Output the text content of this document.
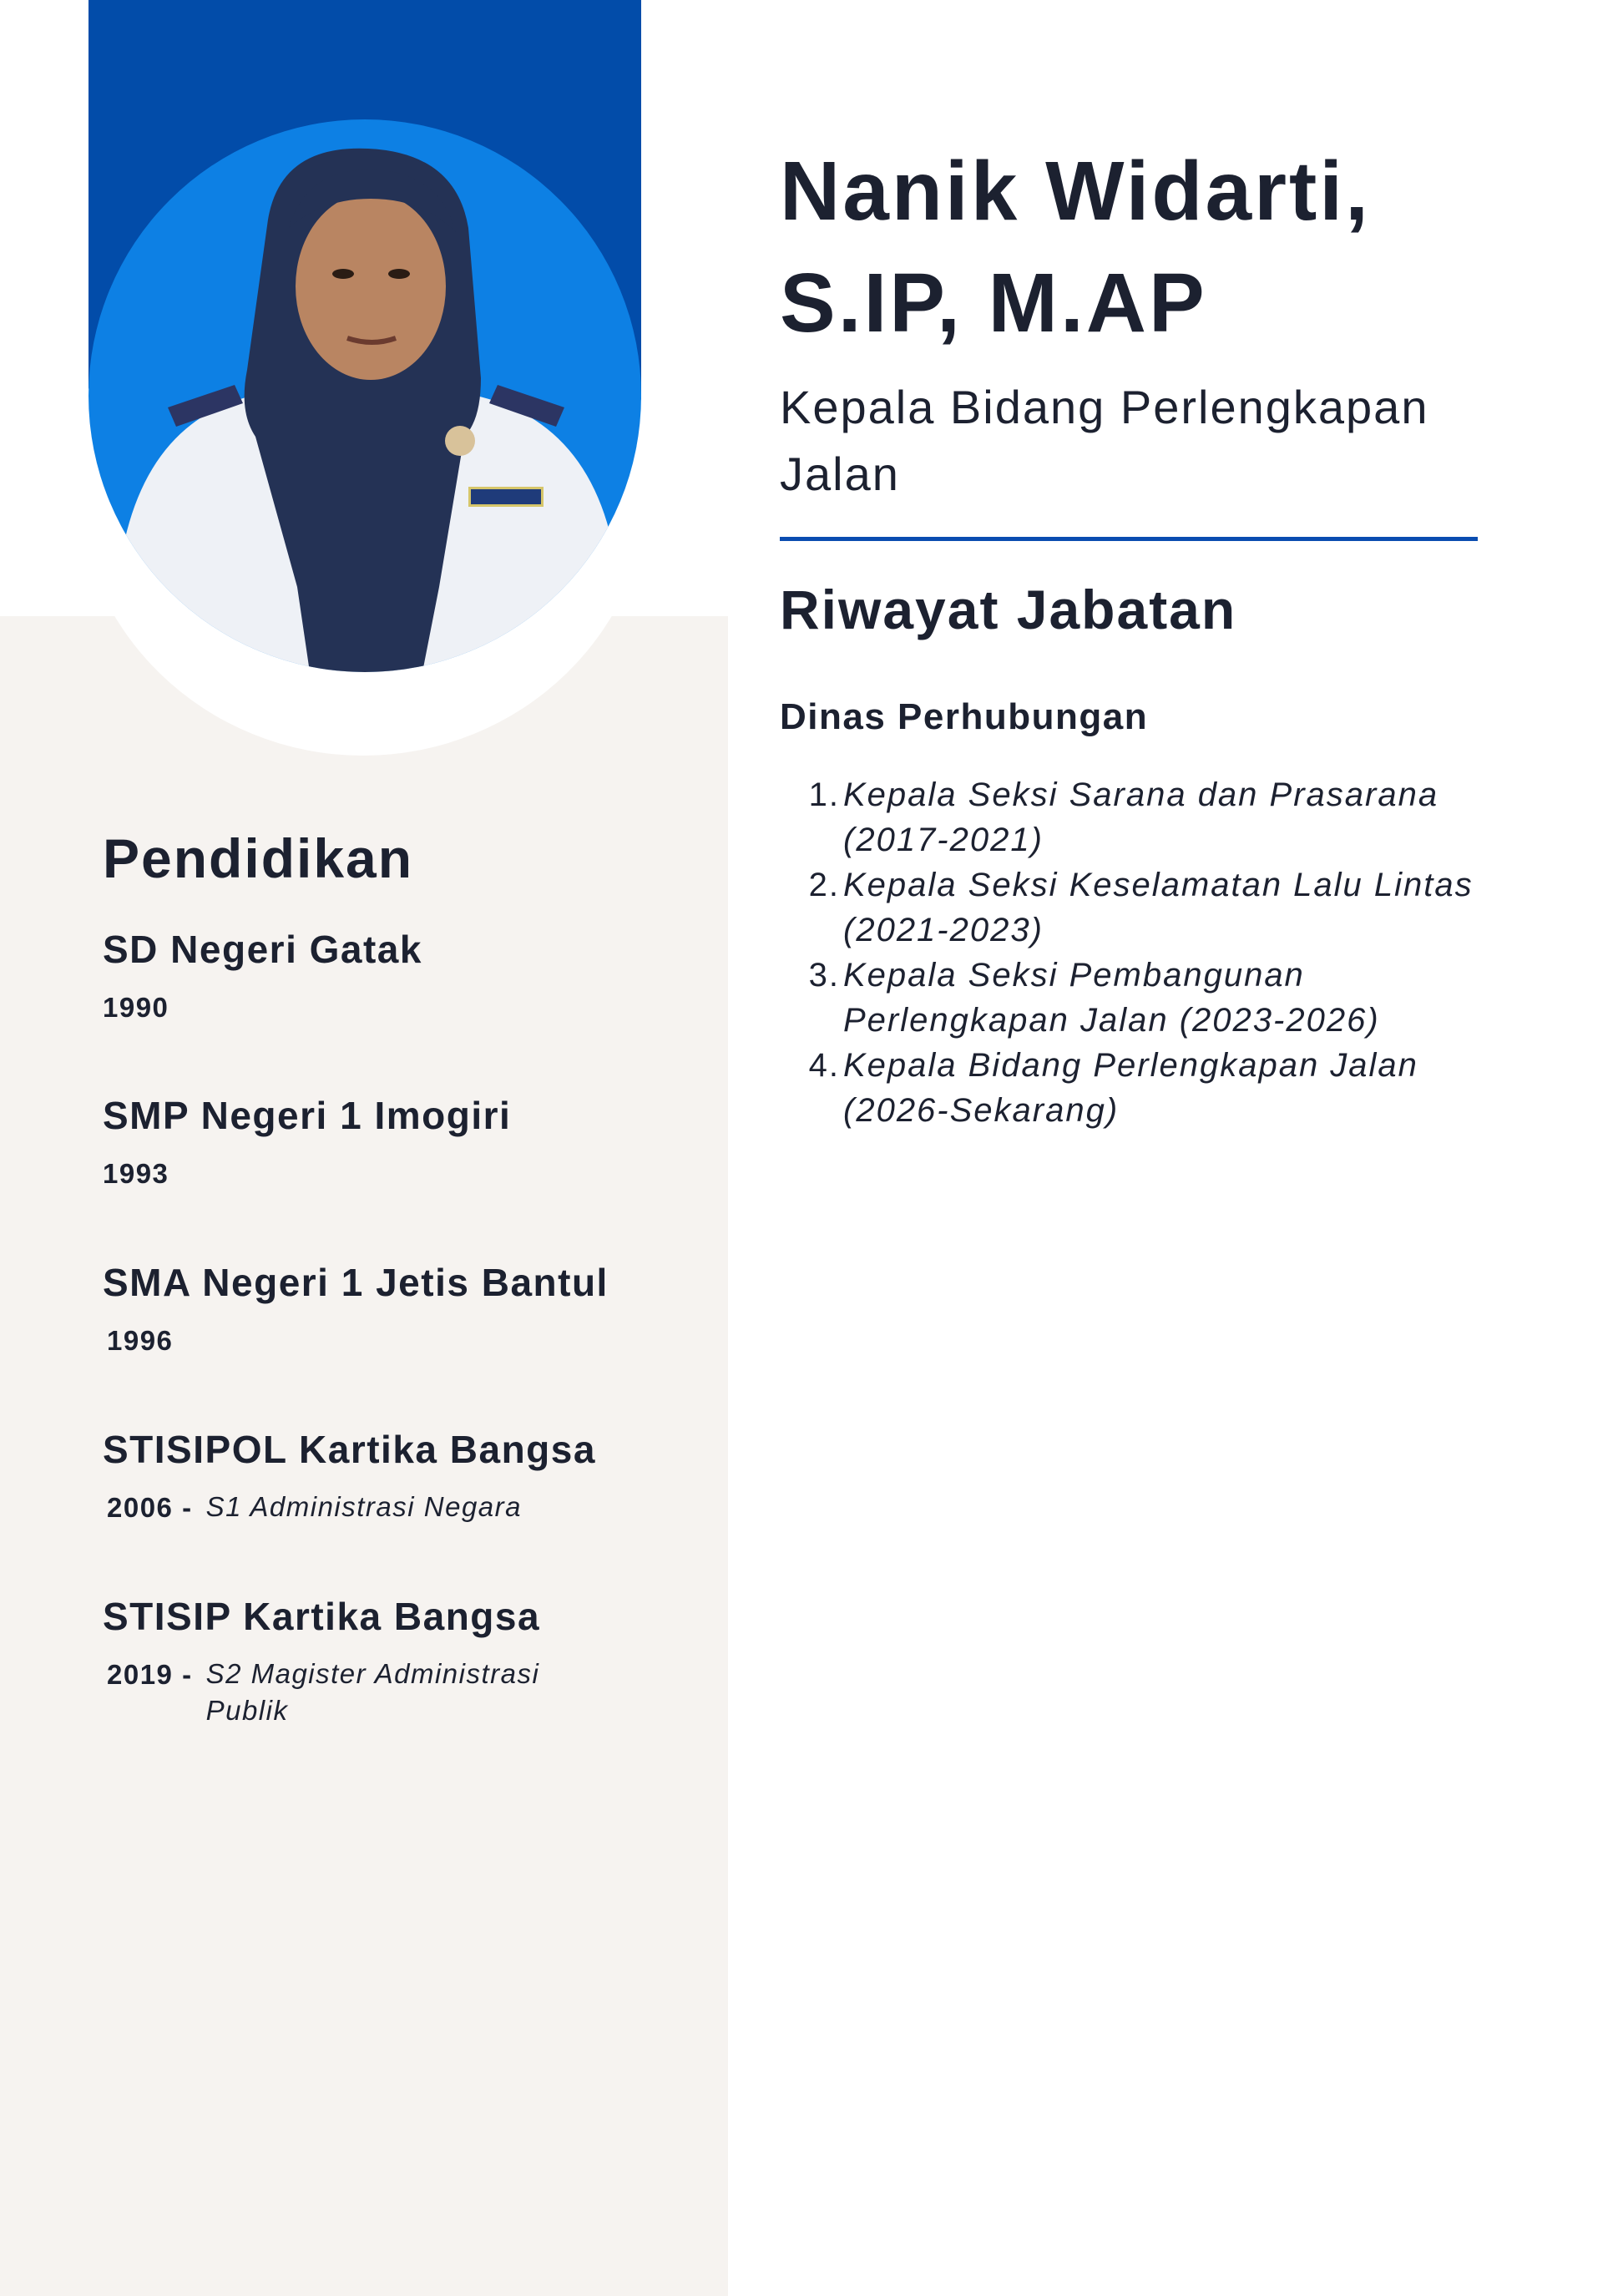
Pendidikan

SD Negeri Gatak

1990

SMP Negeri 1 Imogiri

1993

SMA Negeri 1 Jetis Bantul

1996

STISIPOL Kartika Bangsa

2006 - S1 Administrasi Negara

STISIP Kartika Bangsa

2019 - S2 Magister Administrasi Publik
Nanik Widarti, S.IP, M.AP

Kepala Bidang Perlengkapan Jalan

Riwayat Jabatan

Dinas Perhubungan

1. Kepala Seksi Sarana dan Prasarana (2017-2021)
2. Kepala Seksi Keselamatan Lalu Lintas (2021-2023)
3. Kepala Seksi Pembangunan Perlengkapan Jalan (2023-2026)
4. Kepala Bidang Perlengkapan Jalan (2026-Sekarang)
